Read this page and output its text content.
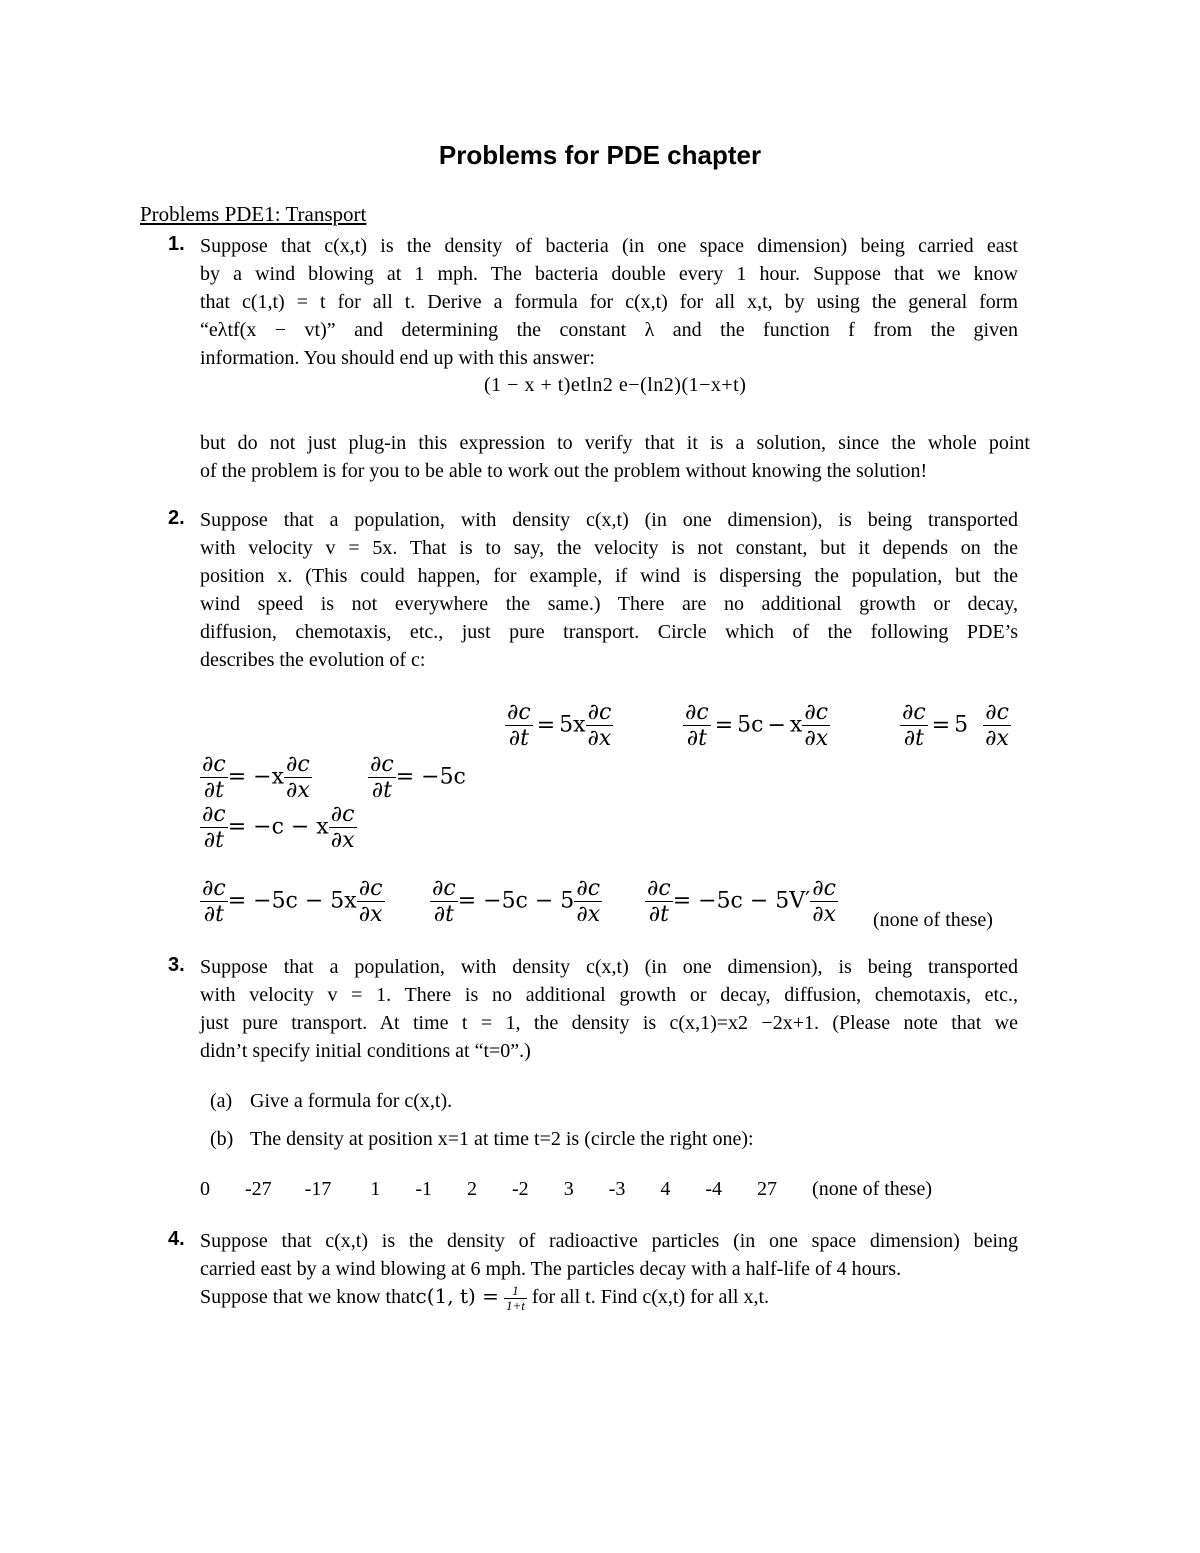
Problems for PDE chapter
Problems PDE1: Transport
1. Suppose that c(x,t) is the density of bacteria (in one space dimension) being carried east
by a wind blowing at 1 mph. The bacteria double every 1 hour. Suppose that we know
that c(1,t) = t for all t. Derive a formula for c(x,t) for all x,t, by using the general form
“eλtf(x − vt)” and determining the constant λ and the function f from the given
information. You should end up with this answer:
(1 − x + t)etln2 e−(ln2)(1−x+t)
but do not just plug-in this expression to verify that it is a solution, since the whole point
of the problem is for you to be able to work out the problem without knowing the solution!
2. Suppose that a population, with density c(x,t) (in one dimension), is being transported
with velocity v = 5x. That is to say, the velocity is not constant, but it depends on the
position x. (This could happen, for example, if wind is dispersing the population, but the
wind speed is not everywhere the same.) There are no additional growth or decay,
diffusion, chemotaxis, etc., just pure transport. Circle which of the following PDE’s
describes the evolution of c:
$\frac{\partial c}{\partial t} = 5x \frac{\partial c}{\partial x}$	$\frac{\partial c}{\partial t} = 5c - x \frac{\partial c}{\partial x}$	$\frac{\partial c}{\partial t} = 5 \frac{\partial c}{\partial x}$
$\frac{\partial c}{\partial t} = -x \frac{\partial c}{\partial x}$	$\frac{\partial c}{\partial t} = -5c$
$\frac{\partial c}{\partial t} = -c - x \frac{\partial c}{\partial x}$
$\frac{\partial c}{\partial t} = -5c - 5x \frac{\partial c}{\partial x} \frac{\partial c}{\partial t} = -5c - 5 \frac{\partial c}{\partial x} \frac{\partial c}{\partial t} = -5c - 5V' \frac{\partial c}{\partial x}$ (none of these)
3. Suppose that a population, with density c(x,t) (in one dimension), is being transported
with velocity v = 1. There is no additional growth or decay, diffusion, chemotaxis, etc.,
just pure transport. At time t = 1, the density is c(x,1)=x2 −2x+1. (Please note that we
didn’t specify initial conditions at “t=0”.)
(a) Give a formula for c(x,t).
(b) The density at position x=1 at time t=2 is (circle the right one):
0 -27 -17 1 -1 2 -2 3 -3 4 -4 27 (none of these)
4. Suppose that c(x,t) is the density of radioactive particles (in one space dimension) being
carried east by a wind blowing at 6 mph. The particles decay with a half-life of 4 hours.
Suppose that we know thatc(1, $t) = \frac{1}{1+t}$ for all t. Find c(x,t) for all x,t.
